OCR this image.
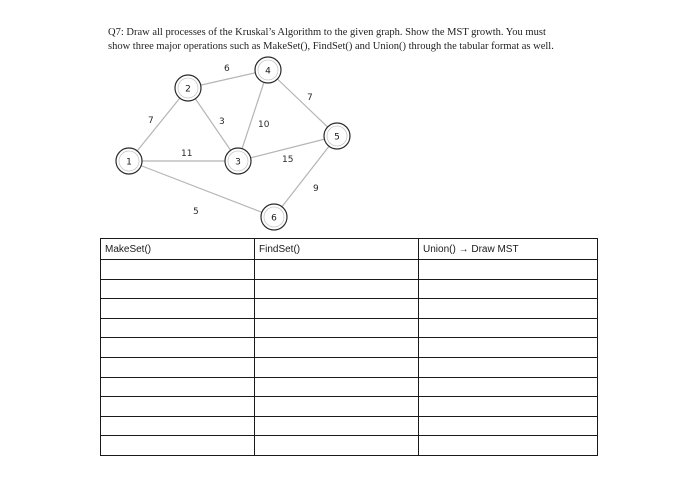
Q7: Draw all processes of the Kruskal’s Algorithm to the given graph. Show the MST growth. You must
show three major operations such as MakeSet(), FindSet() and Union() through the tabular format as well.
7
6
3
11
5
10
7
15
9
1
2
3
4
5
6
MakeSet()	FindSet()	Union() → Draw MST
